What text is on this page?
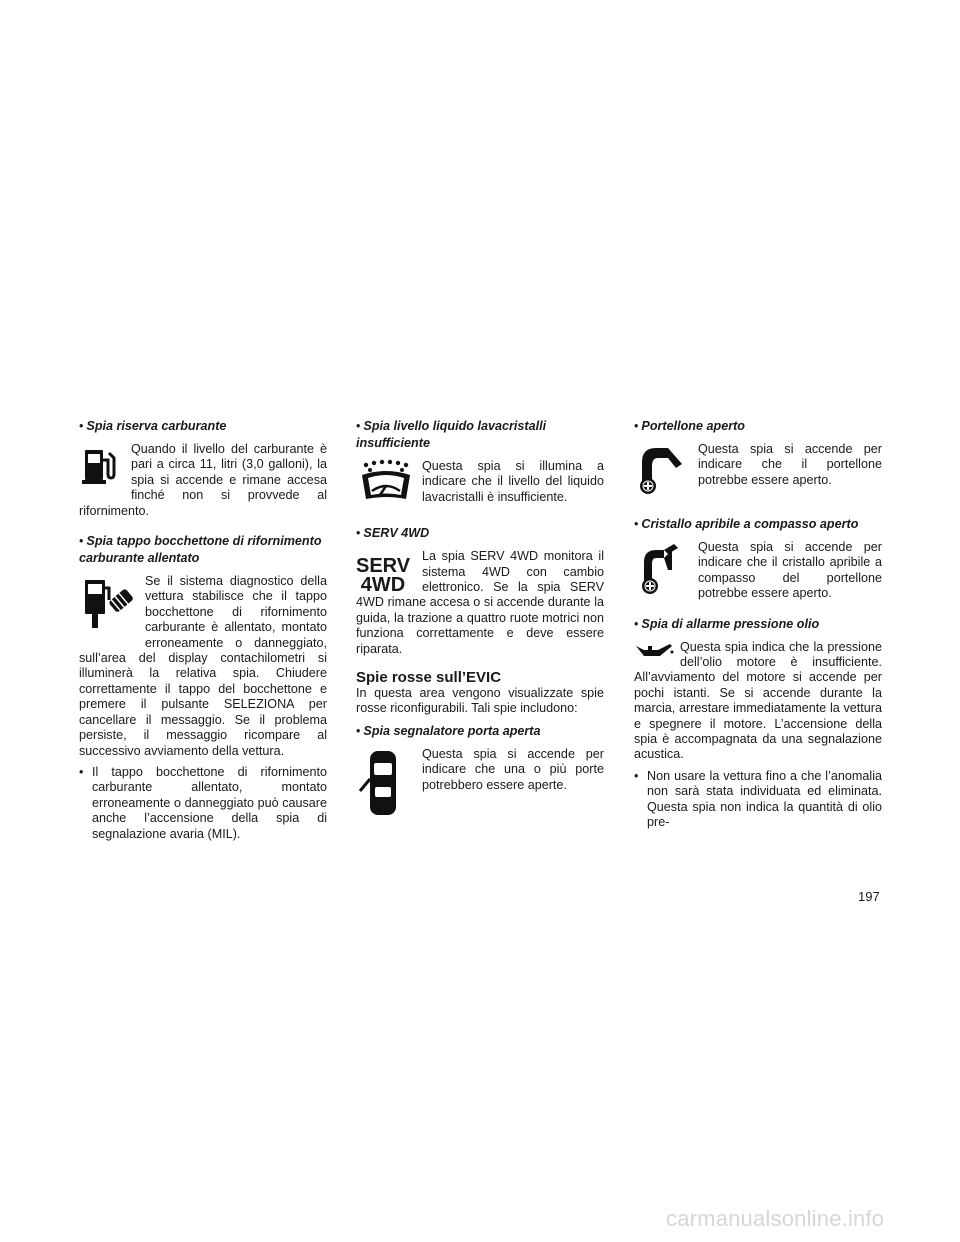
• Spia riserva carburante

Quando il livello del carburante è pari a circa 11, litri (3,0 galloni), la spia si accende e rimane accesa finché non si provvede al rifornimento.

• Spia tappo bocchettone di rifornimento carburante allentato

Se il sistema diagnostico della vettura stabilisce che il tappo bocchettone di rifornimento carburante è allentato, montato erroneamente o danneggiato, sull’area del display contachilometri si illuminerà la relativa spia. Chiudere correttamente il tappo del bocchettone e premere il pulsante SELEZIONA per cancellare il messaggio. Se il problema persiste, il messaggio ricompare al successivo avviamento della vettura.

• Il tappo bocchettone di rifornimento carburante allentato, montato erroneamente o danneggiato può causare anche l’accensione della spia di segnalazione avaria (MIL).

• Spia livello liquido lavacristalli insufficiente

Questa spia si illumina a indicare che il livello del liquido lavacristalli è insufficiente.

• SERV 4WD
SERV
4WD

La spia SERV 4WD monitora il sistema 4WD con cambio elettronico. Se la spia SERV 4WD rimane accesa o si accende durante la guida, la trazione a quattro ruote motrici non funziona correttamente e deve essere riparata.

Spie rosse sull’EVIC

In questa area vengono visualizzate spie rosse riconfigurabili. Tali spie includono:

• Spia segnalatore porta aperta

Questa spia si accende per indicare che una o più porte potrebbero essere aperte.

• Portellone aperto

Questa spia si accende per indicare che il portellone potrebbe essere aperto.

• Cristallo apribile a compasso aperto

Questa spia si accende per indicare che il cristallo apribile a compasso del portellone potrebbe essere aperto.

• Spia di allarme pressione olio

Questa spia indica che la pressione dell’olio motore è insufficiente. All’avviamento del motore si accende per pochi istanti. Se si accende durante la marcia, arrestare immediatamente la vettura e spegnere il motore. L’accensione della spia è accompagnata da una segnalazione acustica.

• Non usare la vettura fino a che l’anomalia non sarà stata individuata ed eliminata. Questa spia non indica la quantità di olio pre-

197
carmanualsonline.info
